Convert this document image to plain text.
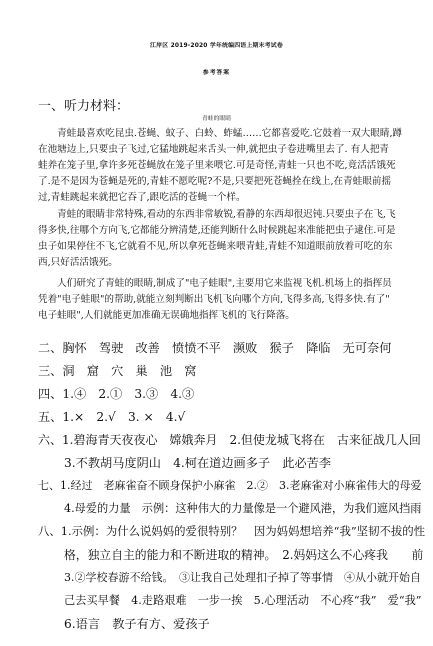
江岸区 2019-2020 学年统编四语上期末考试卷
参考答案
一、听力材料：
青蛙的眼睛
　　青蛙最喜欢吃昆虫.苍蝇、蚊子、白蛉、蚱蜢……它都喜爱吃.它鼓着一双大眼睛,蹲
在池塘边上,只要虫子飞过,它猛地跳起来舌头一伸,就把虫子卷进嘴里去了. 有人把青
蛙养在笼子里,拿许多死苍蝇放在笼子里来喂它.可是奇怪,青蛙一只也不吃,竟活活饿死
了.是不是因为苍蝇是死的,青蛙不愿吃呢?不是,只要把死苍蝇拴在线上,在青蛙眼前摇
过,青蛙跳起来就把它吞了,跟吃活的苍蝇一个样。
　　青蛙的眼睛非常特殊,看动的东西非常敏锐,看静的东西却很迟钝.只要虫子在飞,飞
得多快,往哪个方向飞,它都能分辨清楚,还能判断什么时候跳起来准能把虫子逮住.可是
虫子如果停住不飞,它就看不见,所以拿死苍蝇来喂青蛙,青蛙不知道眼前放着可吃的东
西,只好活活饿死。
　　人们研究了青蛙的眼睛,制成了"电子蛙眼",主要用它来监视飞机.机场上的指挥员
凭着"电子蛙眼"的帮助,就能立刻判断出飞机飞向哪个方向,飞得多高,飞得多快.有了"
电子蛙眼",人们就能更加准确无误确地指挥飞机的飞行降落。
二、胸怀　驾驶　改善　愤愤不平　濒败　猴子　降临　无可奈何
三、洞　窟　穴　巢　池　窝
四、1.④　2.①　3.③　4.③
五、1.×　2.√　3. ×　4.√
六、1.碧海青天夜夜心　嫦娥奔月　2.但使龙城飞将在　古来征战几人回
3.不教胡马度阴山　4.柯在道边画多子　此必苦李
七、1.经过　老麻雀奋不顾身保护小麻雀　2.②　3.老麻雀对小麻雀伟大的母爱
4.母爱的力量　示例：这种伟大的力量像是一个避风港，为我们遮风挡雨
八、1.示例：为什么说妈妈的爱很特别？　因为妈妈想培养“我”坚韧不拔的性
格，独立自主的能力和不断进取的精神。　2.妈妈这么不心疼我　　前
3.②学校春游不给钱。　③让我自己处理扣子掉了等事情　④从小就开始自
己去买早餐　4.走路艰难　一步一挨　5.心理活动　不心疼“我”　爱“我”
6.语言　教子有方、爱孩子
